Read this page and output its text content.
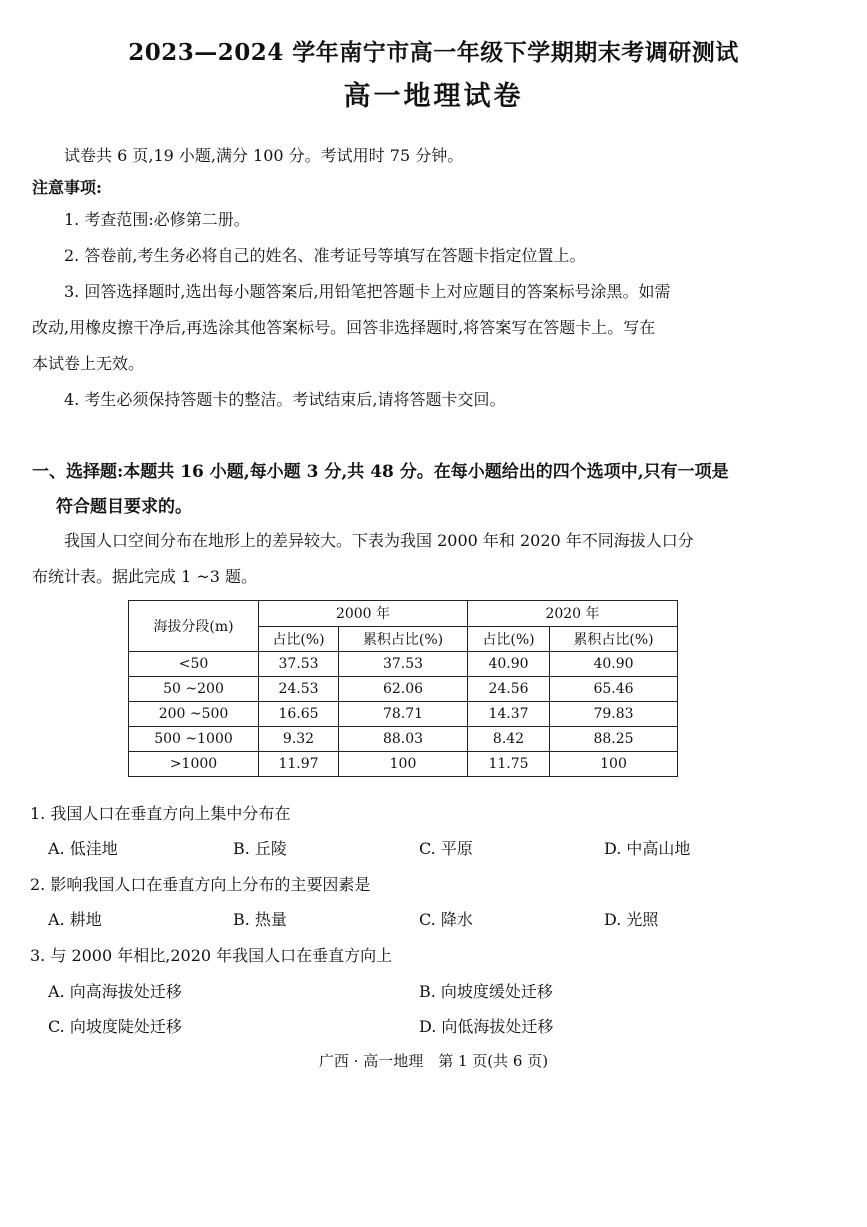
2023—2024 学年南宁市高一年级下学期期末考调研测试
高一地理试卷
试卷共 6 页,19 小题,满分 100 分。考试用时 75 分钟。
注意事项:
1. 考查范围:必修第二册。
2. 答卷前,考生务必将自己的姓名、准考证号等填写在答题卡指定位置上。
3. 回答选择题时,选出每小题答案后,用铅笔把答题卡上对应题目的答案标号涂黑。如需
改动,用橡皮擦干净后,再选涂其他答案标号。回答非选择题时,将答案写在答题卡上。写在
本试卷上无效。
4. 考生必须保持答题卡的整洁。考试结束后,请将答题卡交回。
一、选择题:本题共 16 小题,每小题 3 分,共 48 分。在每小题给出的四个选项中,只有一项是
符合题目要求的。
我国人口空间分布在地形上的差异较大。下表为我国 2000 年和 2020 年不同海拔人口分
布统计表。据此完成 1 ~3 题。
海拔分段(m)	2000 年		2020 年	
	占比(%)	累积占比(%)	占比(%)	累积占比(%)
<50	37.53	37.53	40.90	40.90
50 ~200	24.53	62.06	24.56	65.46
200 ~500	16.65	78.71	14.37	79.83
500 ~1000	9.32	88.03	8.42	88.25
>1000	11.97	100	11.75	100
1. 我国人口在垂直方向上集中分布在
A. 低洼地	B. 丘陵	C. 平原	D. 中高山地
2. 影响我国人口在垂直方向上分布的主要因素是
A. 耕地	B. 热量	C. 降水	D. 光照
3. 与 2000 年相比,2020 年我国人口在垂直方向上
A. 向高海拔处迁移	B. 向坡度缓处迁移
C. 向坡度陡处迁移	D. 向低海拔处迁移
广西 · 高一地理　第 1 页(共 6 页)
